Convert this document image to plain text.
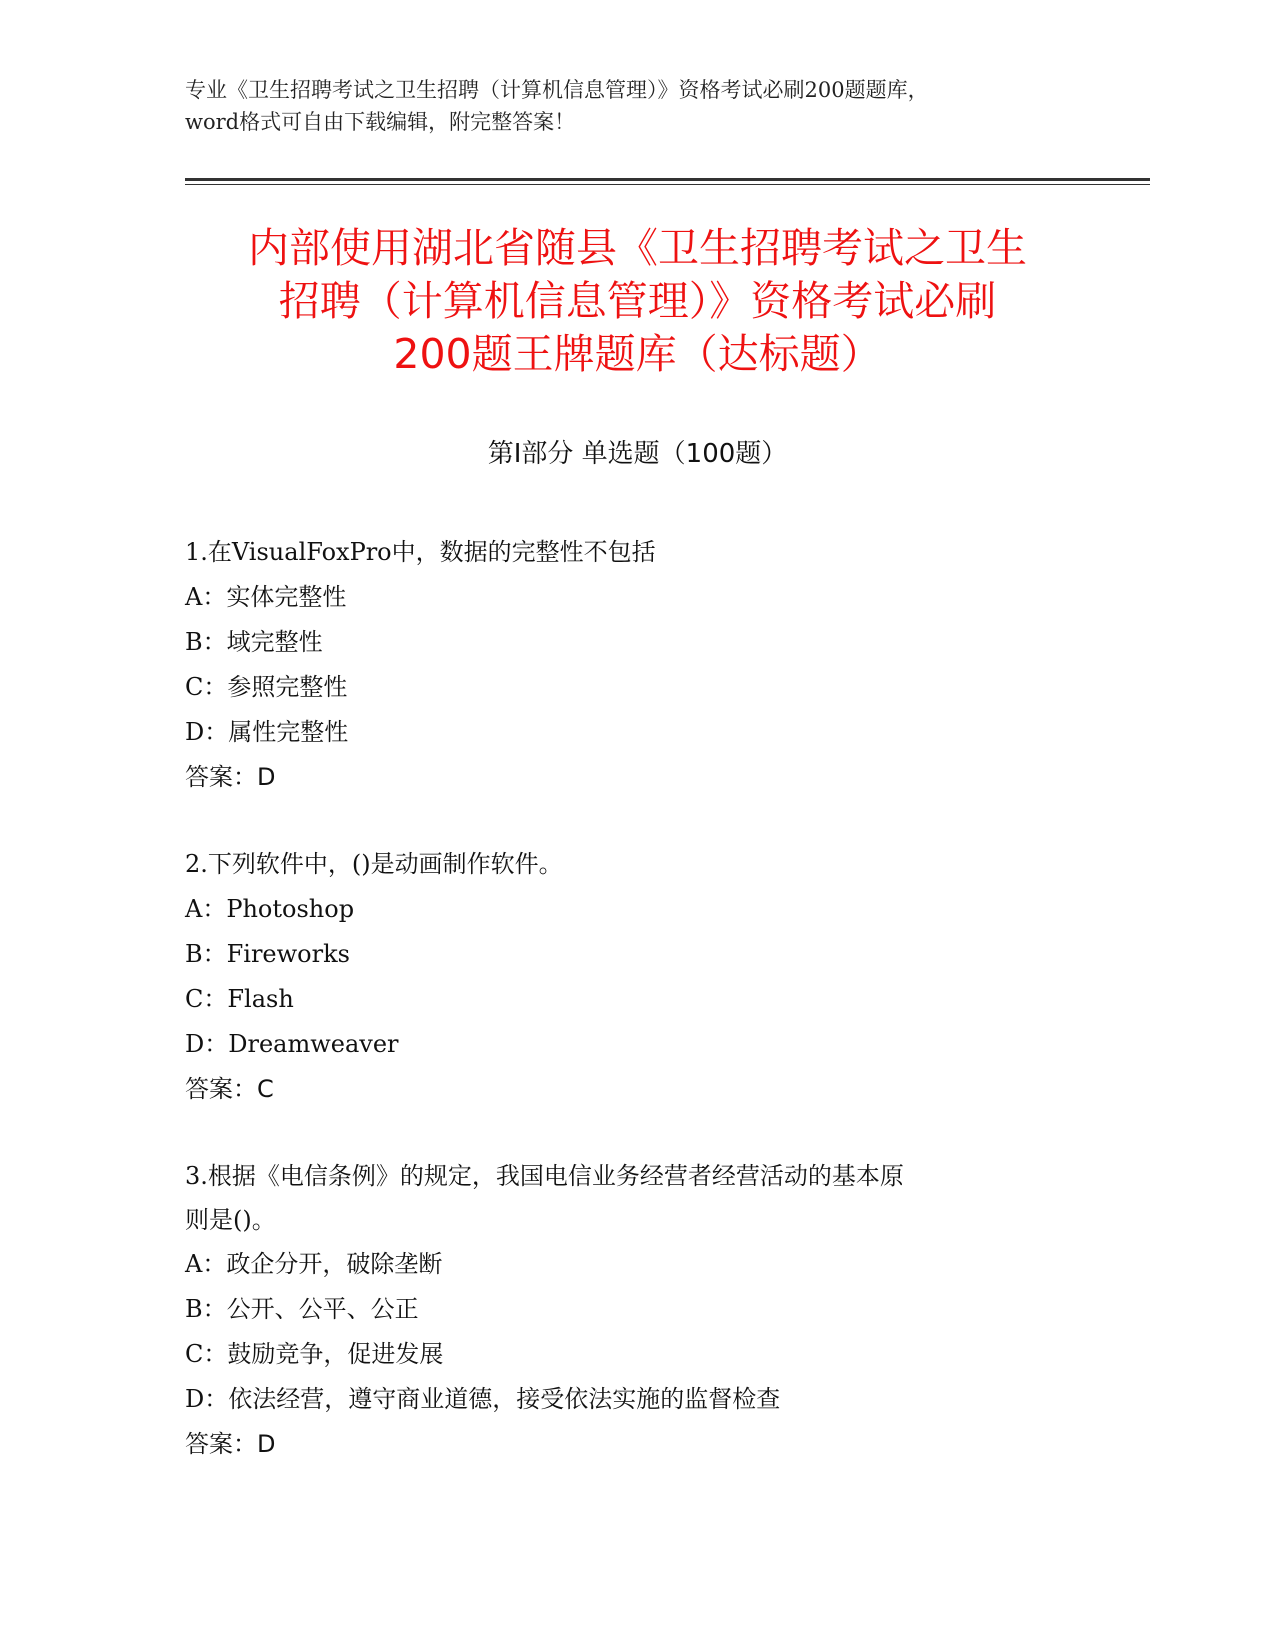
专业《卫生招聘考试之卫生招聘（计算机信息管理）》资格考试必刷200题题库，
word格式可自由下载编辑，附完整答案！
内部使用湖北省随县《卫生招聘考试之卫生
招聘（计算机信息管理）》资格考试必刷
200题王牌题库（达标题）
第Ⅰ部分 单选题（100题）
1.在VisualFoxPro中，数据的完整性不包括
A：实体完整性
B：域完整性
C：参照完整性
D：属性完整性
答案：D
2.下列软件中，()是动画制作软件。
A：Photoshop
B：Fireworks
C：Flash
D：Dreamweaver
答案：C
3.根据《电信条例》的规定，我国电信业务经营者经营活动的基本原
则是()。
A：政企分开，破除垄断
B：公开、公平、公正
C：鼓励竞争，促进发展
D：依法经营，遵守商业道德，接受依法实施的监督检查
答案：D
